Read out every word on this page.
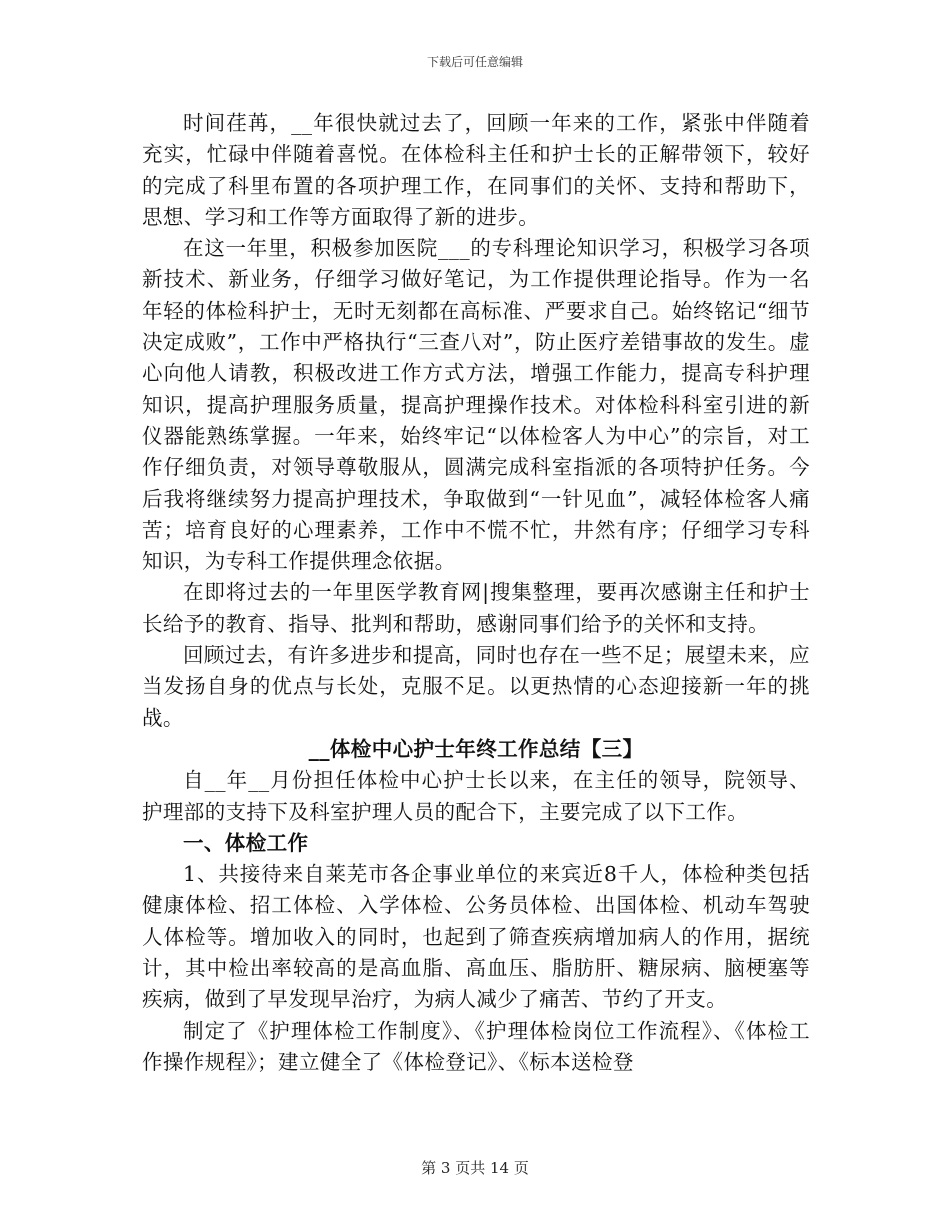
下载后可任意编辑

时间荏苒，__年很快就过去了，回顾一年来的工作，紧张中伴随着充实，忙碌中伴随着喜悦。在体检科主任和护士长的正解带领下，较好的完成了科里布置的各项护理工作，在同事们的关怀、支持和帮助下，思想、学习和工作等方面取得了新的进步。

在这一年里，积极参加医院___的专科理论知识学习，积极学习各项新技术、新业务，仔细学习做好笔记，为工作提供理论指导。作为一名年轻的体检科护士，无时无刻都在高标准、严要求自己。始终铭记“细节决定成败”，工作中严格执行“三查八对”，防止医疗差错事故的发生。虚心向他人请教，积极改进工作方式方法，增强工作能力，提高专科护理知识，提高护理服务质量，提高护理操作技术。对体检科科室引进的新仪器能熟练掌握。一年来，始终牢记“以体检客人为中心”的宗旨，对工作仔细负责，对领导尊敬服从，圆满完成科室指派的各项特护任务。今后我将继续努力提高护理技术，争取做到“一针见血”，减轻体检客人痛苦；培育良好的心理素养，工作中不慌不忙，井然有序；仔细学习专科知识，为专科工作提供理念依据。

在即将过去的一年里医学教育网|搜集整理，要再次感谢主任和护士长给予的教育、指导、批判和帮助，感谢同事们给予的关怀和支持。

回顾过去，有许多进步和提高，同时也存在一些不足；展望未来，应当发扬自身的优点与长处，克服不足。以更热情的心态迎接新一年的挑战。

__体检中心护士年终工作总结【三】

自__年__月份担任体检中心护士长以来，在主任的领导，院领导、护理部的支持下及科室护理人员的配合下，主要完成了以下工作。

一、体检工作

1、共接待来自莱芜市各企事业单位的来宾近8千人，体检种类包括健康体检、招工体检、入学体检、公务员体检、出国体检、机动车驾驶人体检等。增加收入的同时，也起到了筛查疾病增加病人的作用，据统计，其中检出率较高的是高血脂、高血压、脂肪肝、糖尿病、脑梗塞等疾病，做到了早发现早治疗，为病人减少了痛苦、节约了开支。

制定了《护理体检工作制度》、《护理体检岗位工作流程》、《体检工作操作规程》；建立健全了《体检登记》、《标本送检登

第 3 页共 14 页
